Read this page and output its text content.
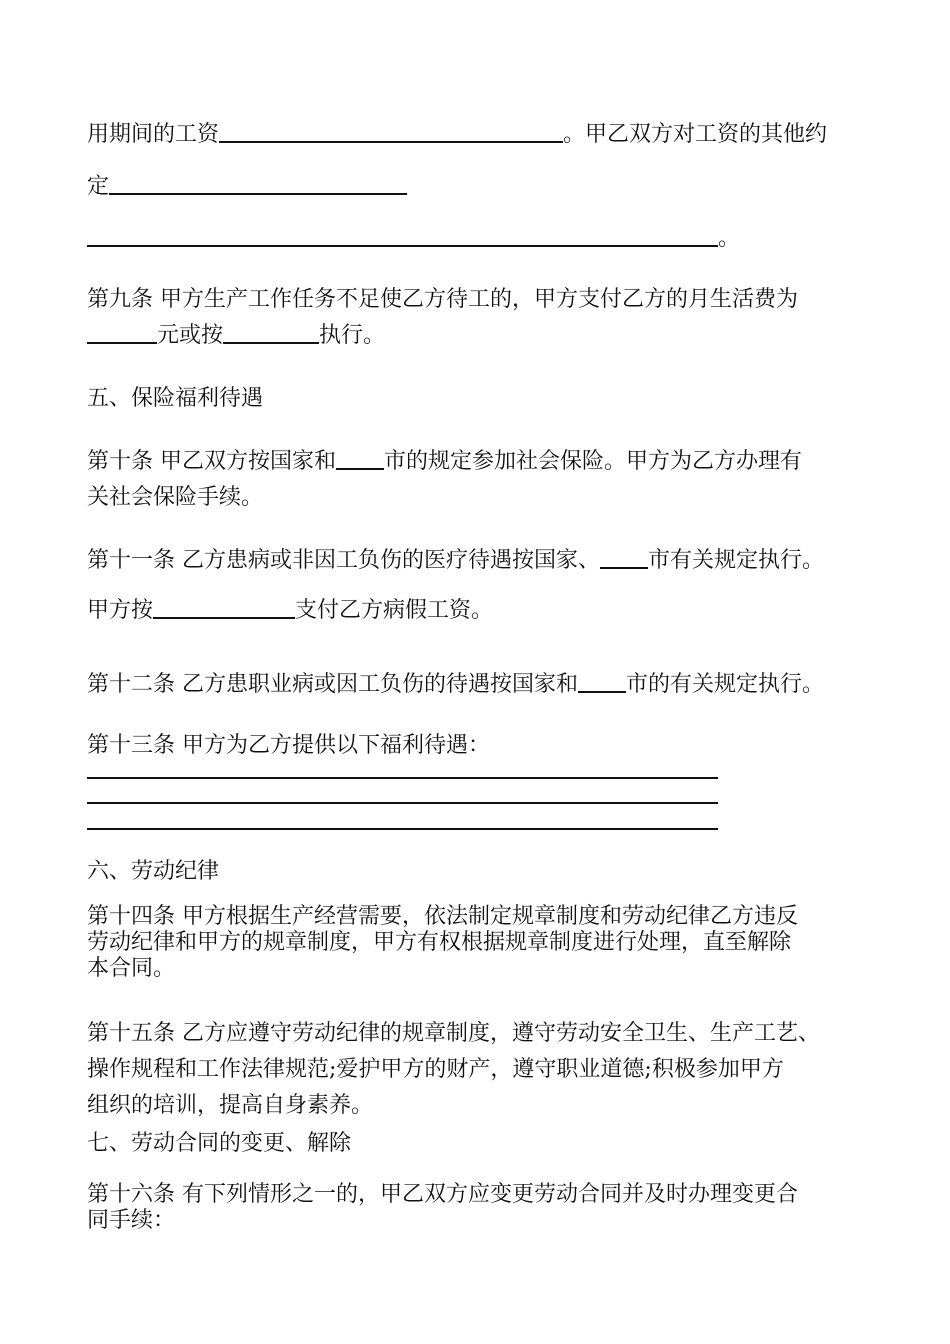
用期间的工资	。甲乙双方对工资的其他约
定
。
第九条 甲方生产工作任务不足使乙方待工的，甲方支付乙方的月生活费为
元或按	执行。
五、保险福利待遇
第十条 甲乙双方按国家和 市的规定参加社会保险。甲方为乙方办理有
关社会保险手续。
第十一条 乙方患病或非因工负伤的医疗待遇按国家、 市有关规定执行。
甲方按	支付乙方病假工资。
第十二条 乙方患职业病或因工负伤的待遇按国家和 市的有关规定执行。
第十三条 甲方为乙方提供以下福利待遇：
六、劳动纪律
第十四条 甲方根据生产经营需要，依法制定规章制度和劳动纪律乙方违反
劳动纪律和甲方的规章制度，甲方有权根据规章制度进行处理，直至解除
本合同。
第十五条 乙方应遵守劳动纪律的规章制度，遵守劳动安全卫生、生产工艺、
操作规程和工作法律规范;爱护甲方的财产，遵守职业道德;积极参加甲方
组织的培训，提高自身素养。
七、劳动合同的变更、解除
第十六条 有下列情形之一的，甲乙双方应变更劳动合同并及时办理变更合
同手续：
